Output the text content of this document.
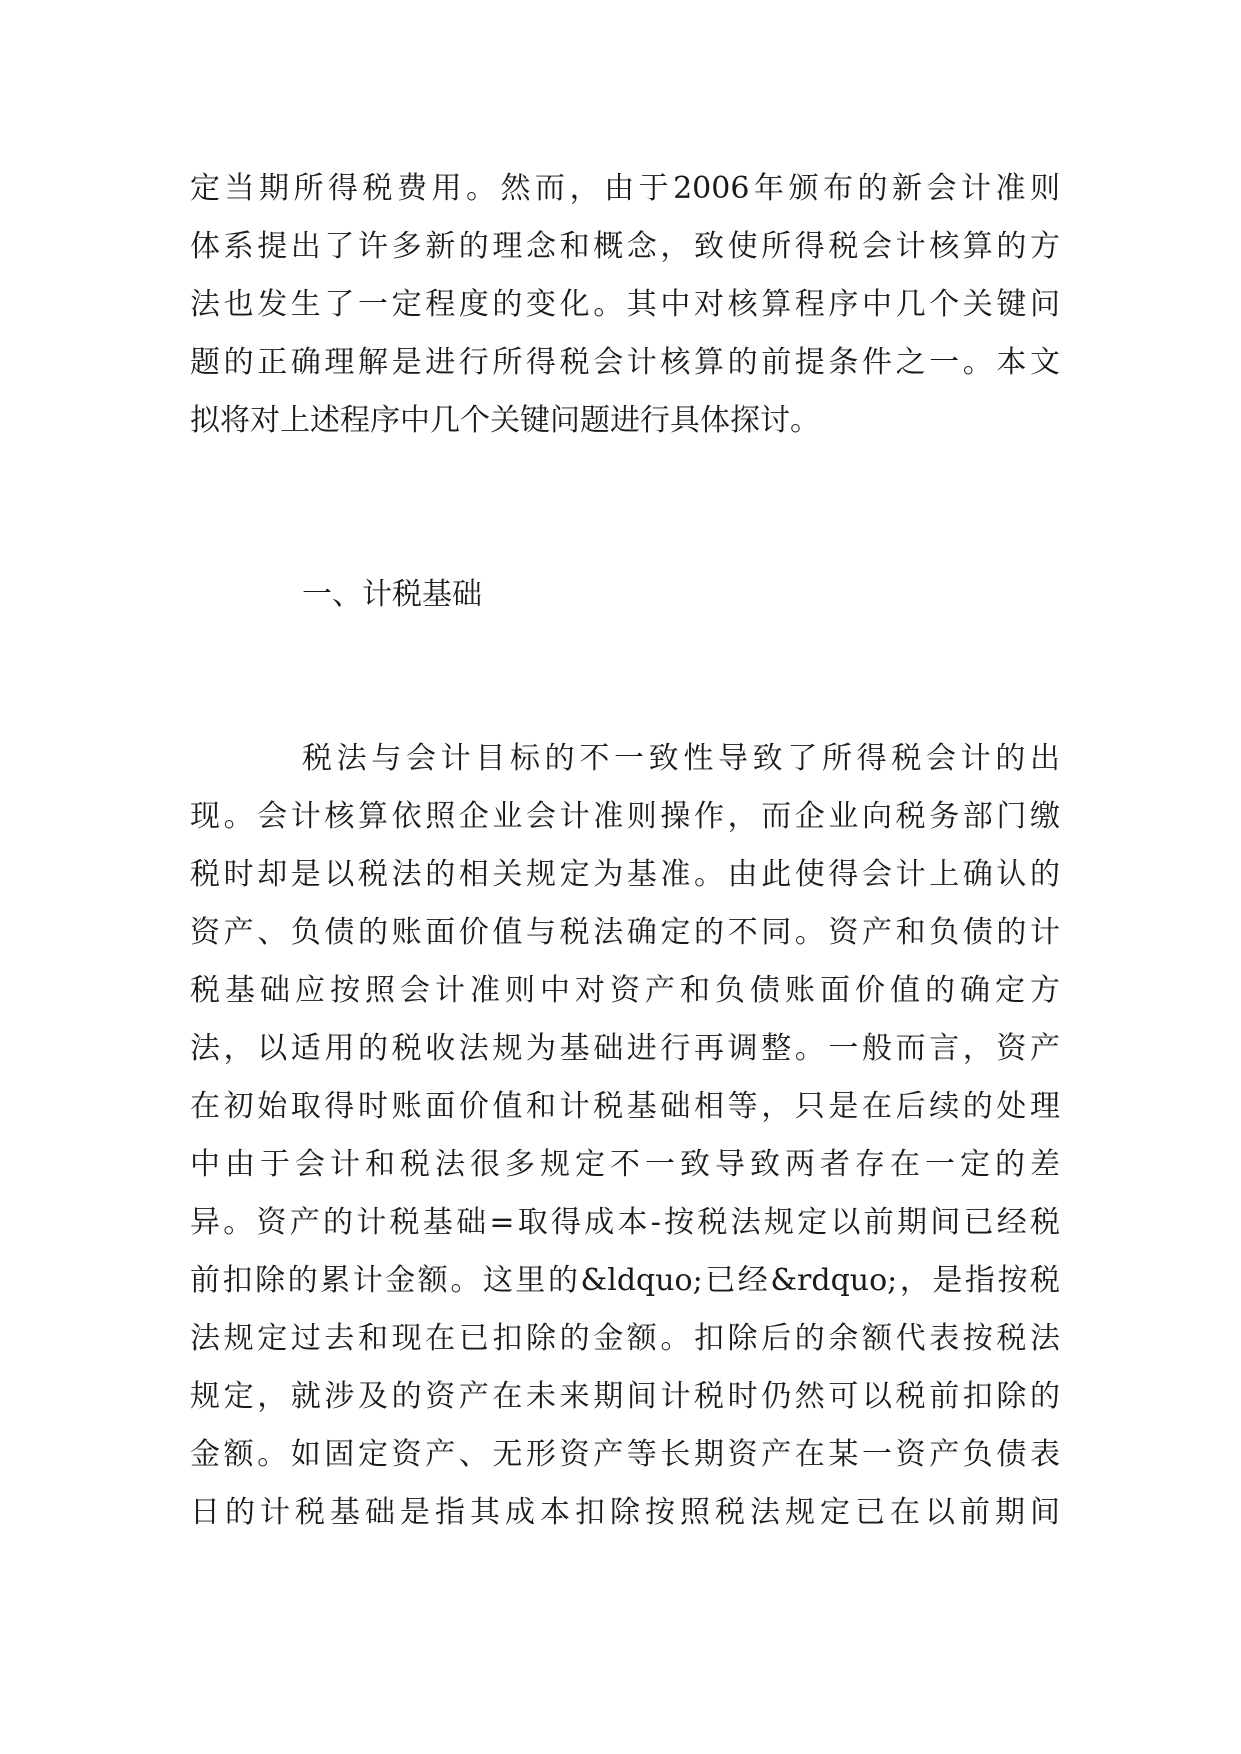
定当期所得税费用。然而，由于2006年颁布的新会计准则
体系提出了许多新的理念和概念，致使所得税会计核算的方
法也发生了一定程度的变化。其中对核算程序中几个关键问
题的正确理解是进行所得税会计核算的前提条件之一。本文
拟将对上述程序中几个关键问题进行具体探讨。
一、计税基础
税法与会计目标的不一致性导致了所得税会计的出
现。会计核算依照企业会计准则操作，而企业向税务部门缴
税时却是以税法的相关规定为基准。由此使得会计上确认的
资产、负债的账面价值与税法确定的不同。资产和负债的计
税基础应按照会计准则中对资产和负债账面价值的确定方
法，以适用的税收法规为基础进行再调整。一般而言，资产
在初始取得时账面价值和计税基础相等，只是在后续的处理
中由于会计和税法很多规定不一致导致两者存在一定的差
异。资产的计税基础=取得成本-按税法规定以前期间已经税
前扣除的累计金额。这里的&ldquo;已经&rdquo;，是指按税
法规定过去和现在已扣除的金额。扣除后的余额代表按税法
规定，就涉及的资产在未来期间计税时仍然可以税前扣除的
金额。如固定资产、无形资产等长期资产在某一资产负债表
日的计税基础是指其成本扣除按照税法规定已在以前期间
